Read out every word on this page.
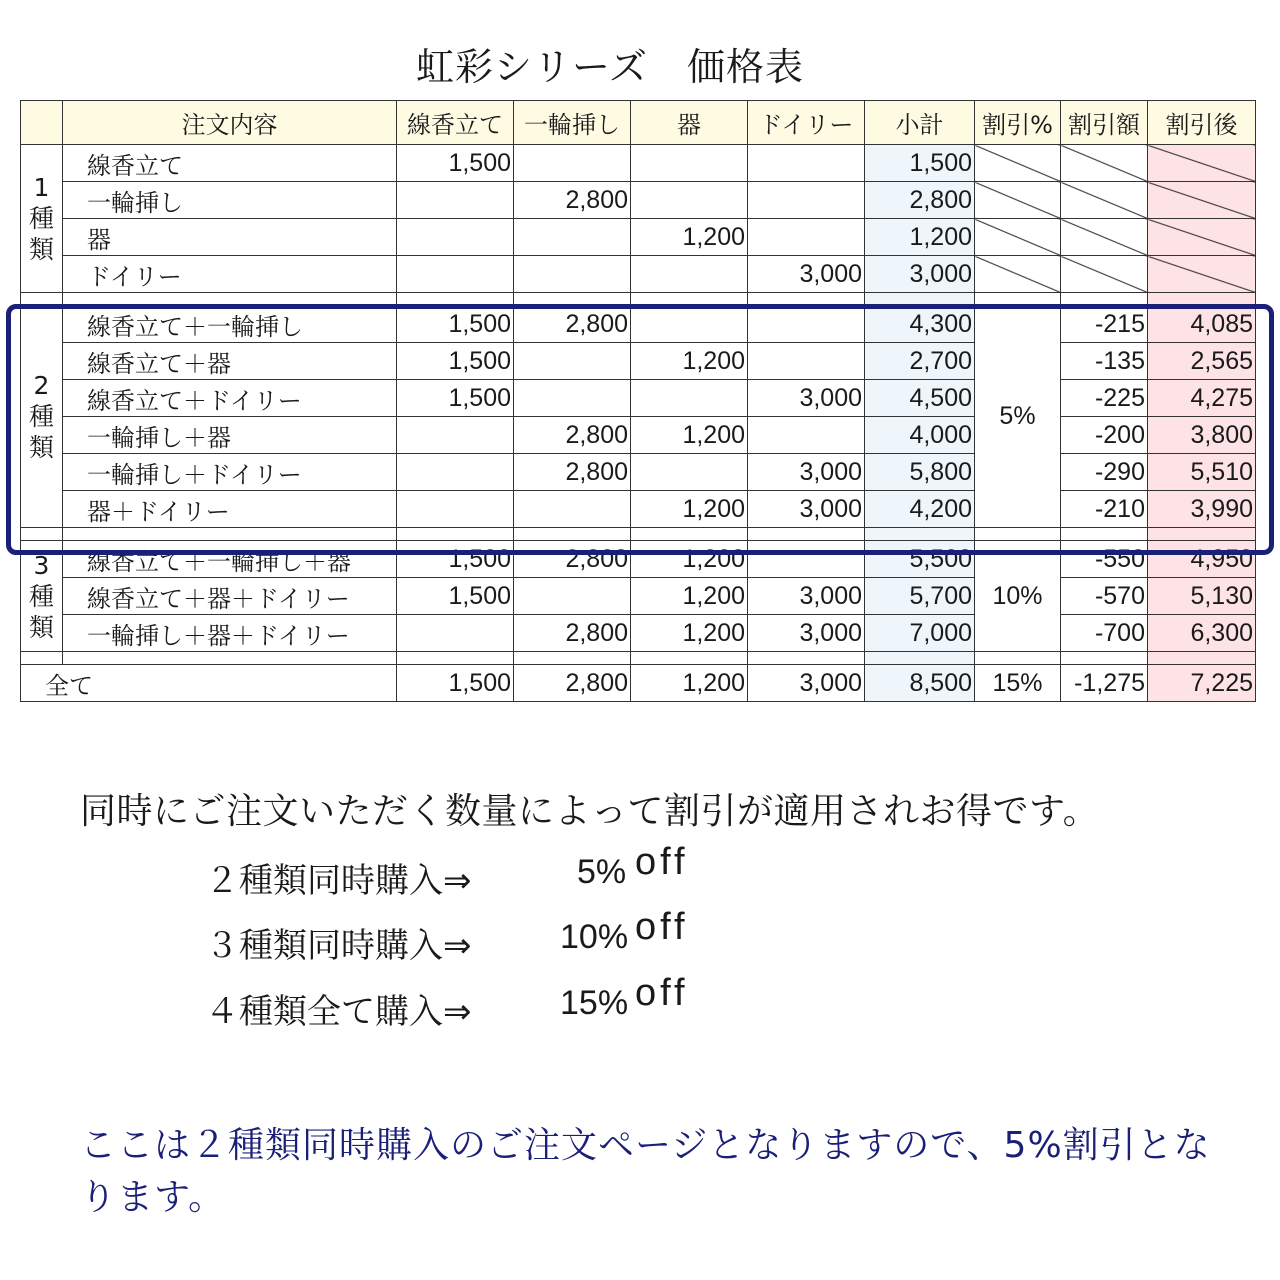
虹彩シリーズ　価格表
	注文内容	線香立て	一輪挿し	器	ドイリー	小計	割引%	割引額	割引後
1
種
類	線香立て	1,500				1,500			
	一輪挿し		2,800			2,800			
	器			1,200		1,200			
	ドイリー				3,000	3,000			

2
種
類	線香立て＋一輪挿し	1,500	2,800			4,300	5%	-215	4,085
	線香立て＋器	1,500		1,200		2,700		-135	2,565
	線香立て＋ドイリー	1,500			3,000	4,500		-225	4,275
	一輪挿し＋器		2,800	1,200		4,000		-200	3,800
	一輪挿し＋ドイリー		2,800		3,000	5,800		-290	5,510
	器＋ドイリー			1,200	3,000	4,200		-210	3,990

3
種
類	線香立て＋一輪挿し＋器	1,500	2,800	1,200		5,500	10%	-550	4,950
	線香立て＋器＋ドイリー	1,500		1,200	3,000	5,700		-570	5,130
	一輪挿し＋器＋ドイリー		2,800	1,200	3,000	7,000		-700	6,300

全て		1,500	2,800	1,200	3,000	8,500	15%	-1,275	7,225
同時にご注文いただく数量によって割引が適用されお得です。
２種類同時購入⇒	5% off
３種類同時購入⇒	10% off
４種類全て購入⇒	15% off
ここは２種類同時購入のご注文ページとなりますので、5%割引となります。
